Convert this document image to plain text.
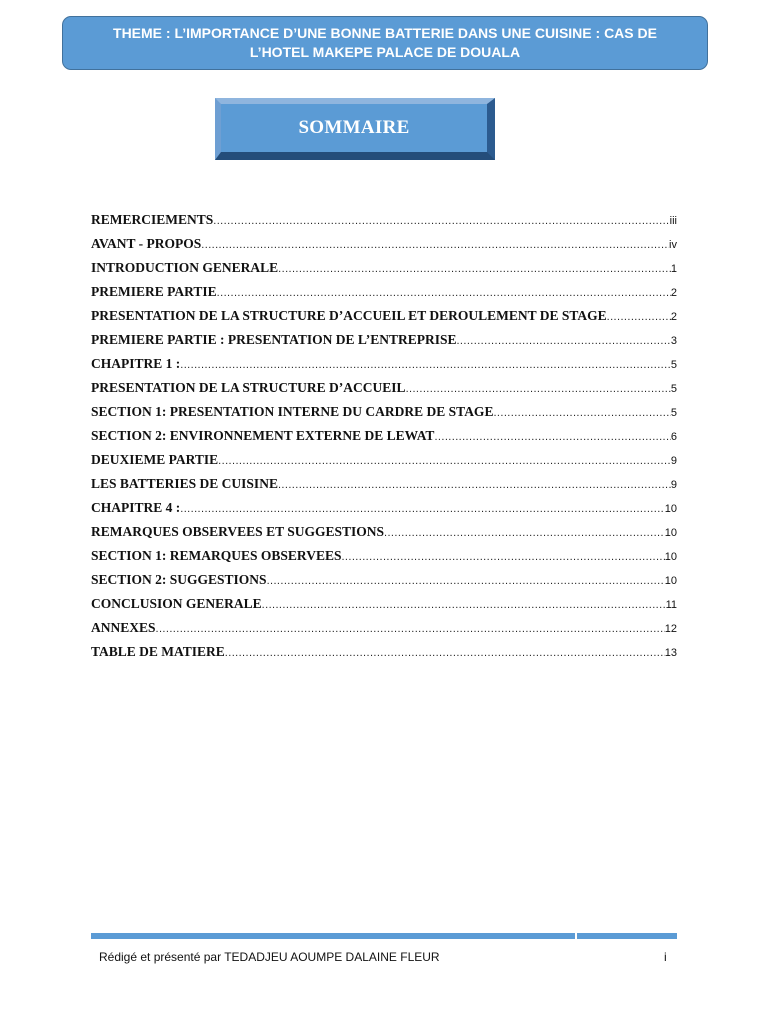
THEME : L’IMPORTANCE D’UNE BONNE BATTERIE DANS UNE CUISINE : CAS DE
L’HOTEL MAKEPE PALACE DE DOUALA
SOMMAIRE
REMERCIEMENTS .....	iii
AVANT - PROPOS .....	iv
INTRODUCTION GENERALE .....	1
PREMIERE PARTIE .....	2
PRESENTATION DE LA STRUCTURE D’ACCUEIL ET DEROULEMENT DE STAGE .....	2
PREMIERE PARTIE : PRESENTATION DE L’ENTREPRISE .....	3
CHAPITRE 1 : .....	5
PRESENTATION DE LA STRUCTURE D’ACCUEIL .....	5
SECTION 1: PRESENTATION INTERNE DU CARDRE DE STAGE .....	5
SECTION 2: ENVIRONNEMENT EXTERNE DE LEWAT .....	6
DEUXIEME PARTIE .....	9
LES BATTERIES DE CUISINE .....	9
CHAPITRE 4 : .....	10
REMARQUES OBSERVEES ET SUGGESTIONS .....	10
SECTION 1: REMARQUES OBSERVEES .....	10
SECTION 2: SUGGESTIONS .....	10
CONCLUSION GENERALE .....	11
ANNEXES .....	12
TABLE DE MATIERE .....	13
Rédigé et présenté par TEDADJEU AOUMPE DALAINE FLEUR	i
